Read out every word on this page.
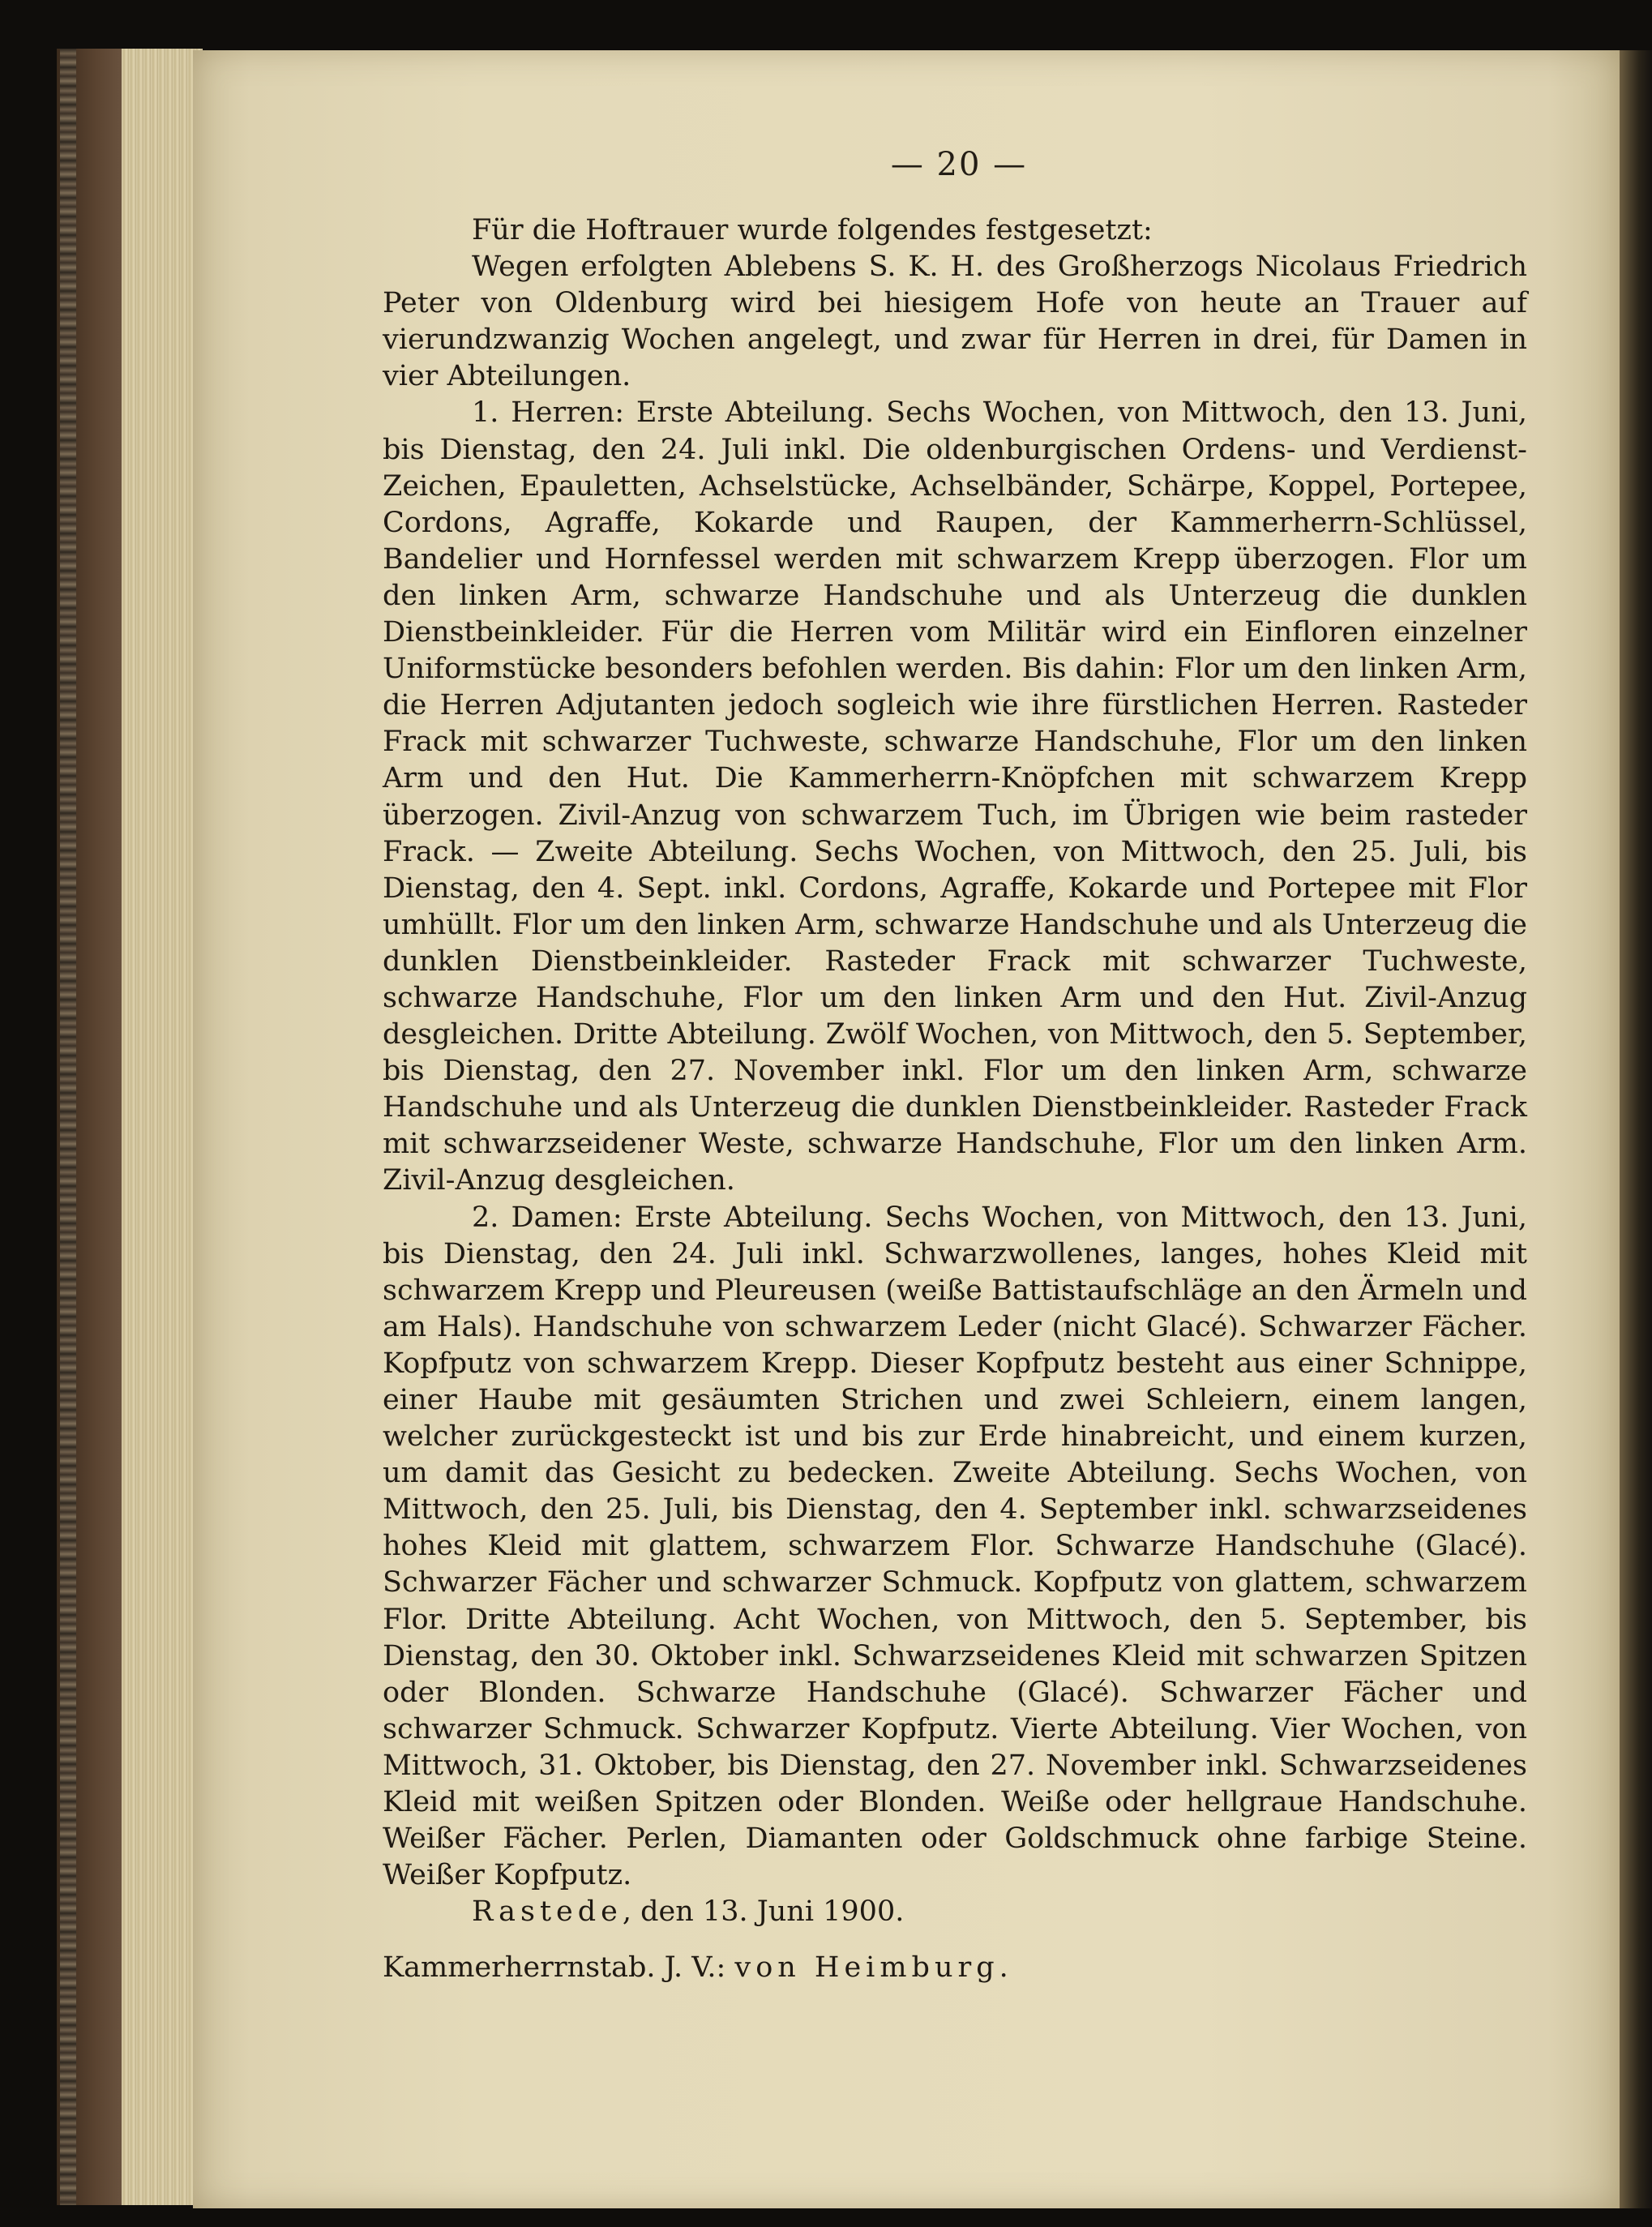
— 20 —

Für die Hoftrauer wurde folgendes festgesetzt:

Wegen erfolgten Ablebens S. K. H. des Großherzogs Nicolaus Friedrich Peter von Oldenburg wird bei hiesigem Hofe von heute an Trauer auf vierundzwanzig Wochen angelegt, und zwar für Herren in drei, für Damen in vier Abteilungen.

1. Herren: Erste Abteilung. Sechs Wochen, von Mittwoch, den 13. Juni, bis Dienstag, den 24. Juli inkl. Die oldenburgischen Ordens- und Verdienst-Zeichen, Epauletten, Achselstücke, Achselbänder, Schärpe, Koppel, Portepee, Cordons, Agraffe, Kokarde und Raupen, der Kammerherrn-Schlüssel, Bandelier und Hornfessel werden mit schwarzem Krepp überzogen. Flor um den linken Arm, schwarze Handschuhe und als Unterzeug die dunklen Dienstbeinkleider. Für die Herren vom Militär wird ein Einfloren einzelner Uniformstücke besonders befohlen werden. Bis dahin: Flor um den linken Arm, die Herren Adjutanten jedoch sogleich wie ihre fürstlichen Herren. Rasteder Frack mit schwarzer Tuchweste, schwarze Handschuhe, Flor um den linken Arm und den Hut. Die Kammerherrn-Knöpfchen mit schwarzem Krepp überzogen. Zivil-Anzug von schwarzem Tuch, im Übrigen wie beim rasteder Frack. — Zweite Abteilung. Sechs Wochen, von Mittwoch, den 25. Juli, bis Dienstag, den 4. Sept. inkl. Cordons, Agraffe, Kokarde und Portepee mit Flor umhüllt. Flor um den linken Arm, schwarze Handschuhe und als Unterzeug die dunklen Dienstbeinkleider. Rasteder Frack mit schwarzer Tuchweste, schwarze Handschuhe, Flor um den linken Arm und den Hut. Zivil-Anzug desgleichen. Dritte Abteilung. Zwölf Wochen, von Mittwoch, den 5. September, bis Dienstag, den 27. November inkl. Flor um den linken Arm, schwarze Handschuhe und als Unterzeug die dunklen Dienstbeinkleider. Rasteder Frack mit schwarzseidener Weste, schwarze Handschuhe, Flor um den linken Arm. Zivil-Anzug desgleichen.

2. Damen: Erste Abteilung. Sechs Wochen, von Mittwoch, den 13. Juni, bis Dienstag, den 24. Juli inkl. Schwarzwollenes, langes, hohes Kleid mit schwarzem Krepp und Pleureusen (weiße Battistaufschläge an den Ärmeln und am Hals). Handschuhe von schwarzem Leder (nicht Glacé). Schwarzer Fächer. Kopfputz von schwarzem Krepp. Dieser Kopfputz besteht aus einer Schnippe, einer Haube mit gesäumten Strichen und zwei Schleiern, einem langen, welcher zurückgesteckt ist und bis zur Erde hinabreicht, und einem kurzen, um damit das Gesicht zu bedecken. Zweite Abteilung. Sechs Wochen, von Mittwoch, den 25. Juli, bis Dienstag, den 4. September inkl. schwarzseidenes hohes Kleid mit glattem, schwarzem Flor. Schwarze Handschuhe (Glacé). Schwarzer Fächer und schwarzer Schmuck. Kopfputz von glattem, schwarzem Flor. Dritte Abteilung. Acht Wochen, von Mittwoch, den 5. September, bis Dienstag, den 30. Oktober inkl. Schwarzseidenes Kleid mit schwarzen Spitzen oder Blonden. Schwarze Handschuhe (Glacé). Schwarzer Fächer und schwarzer Schmuck. Schwarzer Kopfputz. Vierte Abteilung. Vier Wochen, von Mittwoch, 31. Oktober, bis Dienstag, den 27. November inkl. Schwarzseidenes Kleid mit weißen Spitzen oder Blonden. Weiße oder hellgraue Handschuhe. Weißer Fächer. Perlen, Diamanten oder Goldschmuck ohne farbige Steine. Weißer Kopfputz.

Rastede, den 13. Juni 1900.

Kammerherrnstab. J. V.: von Heimburg.
